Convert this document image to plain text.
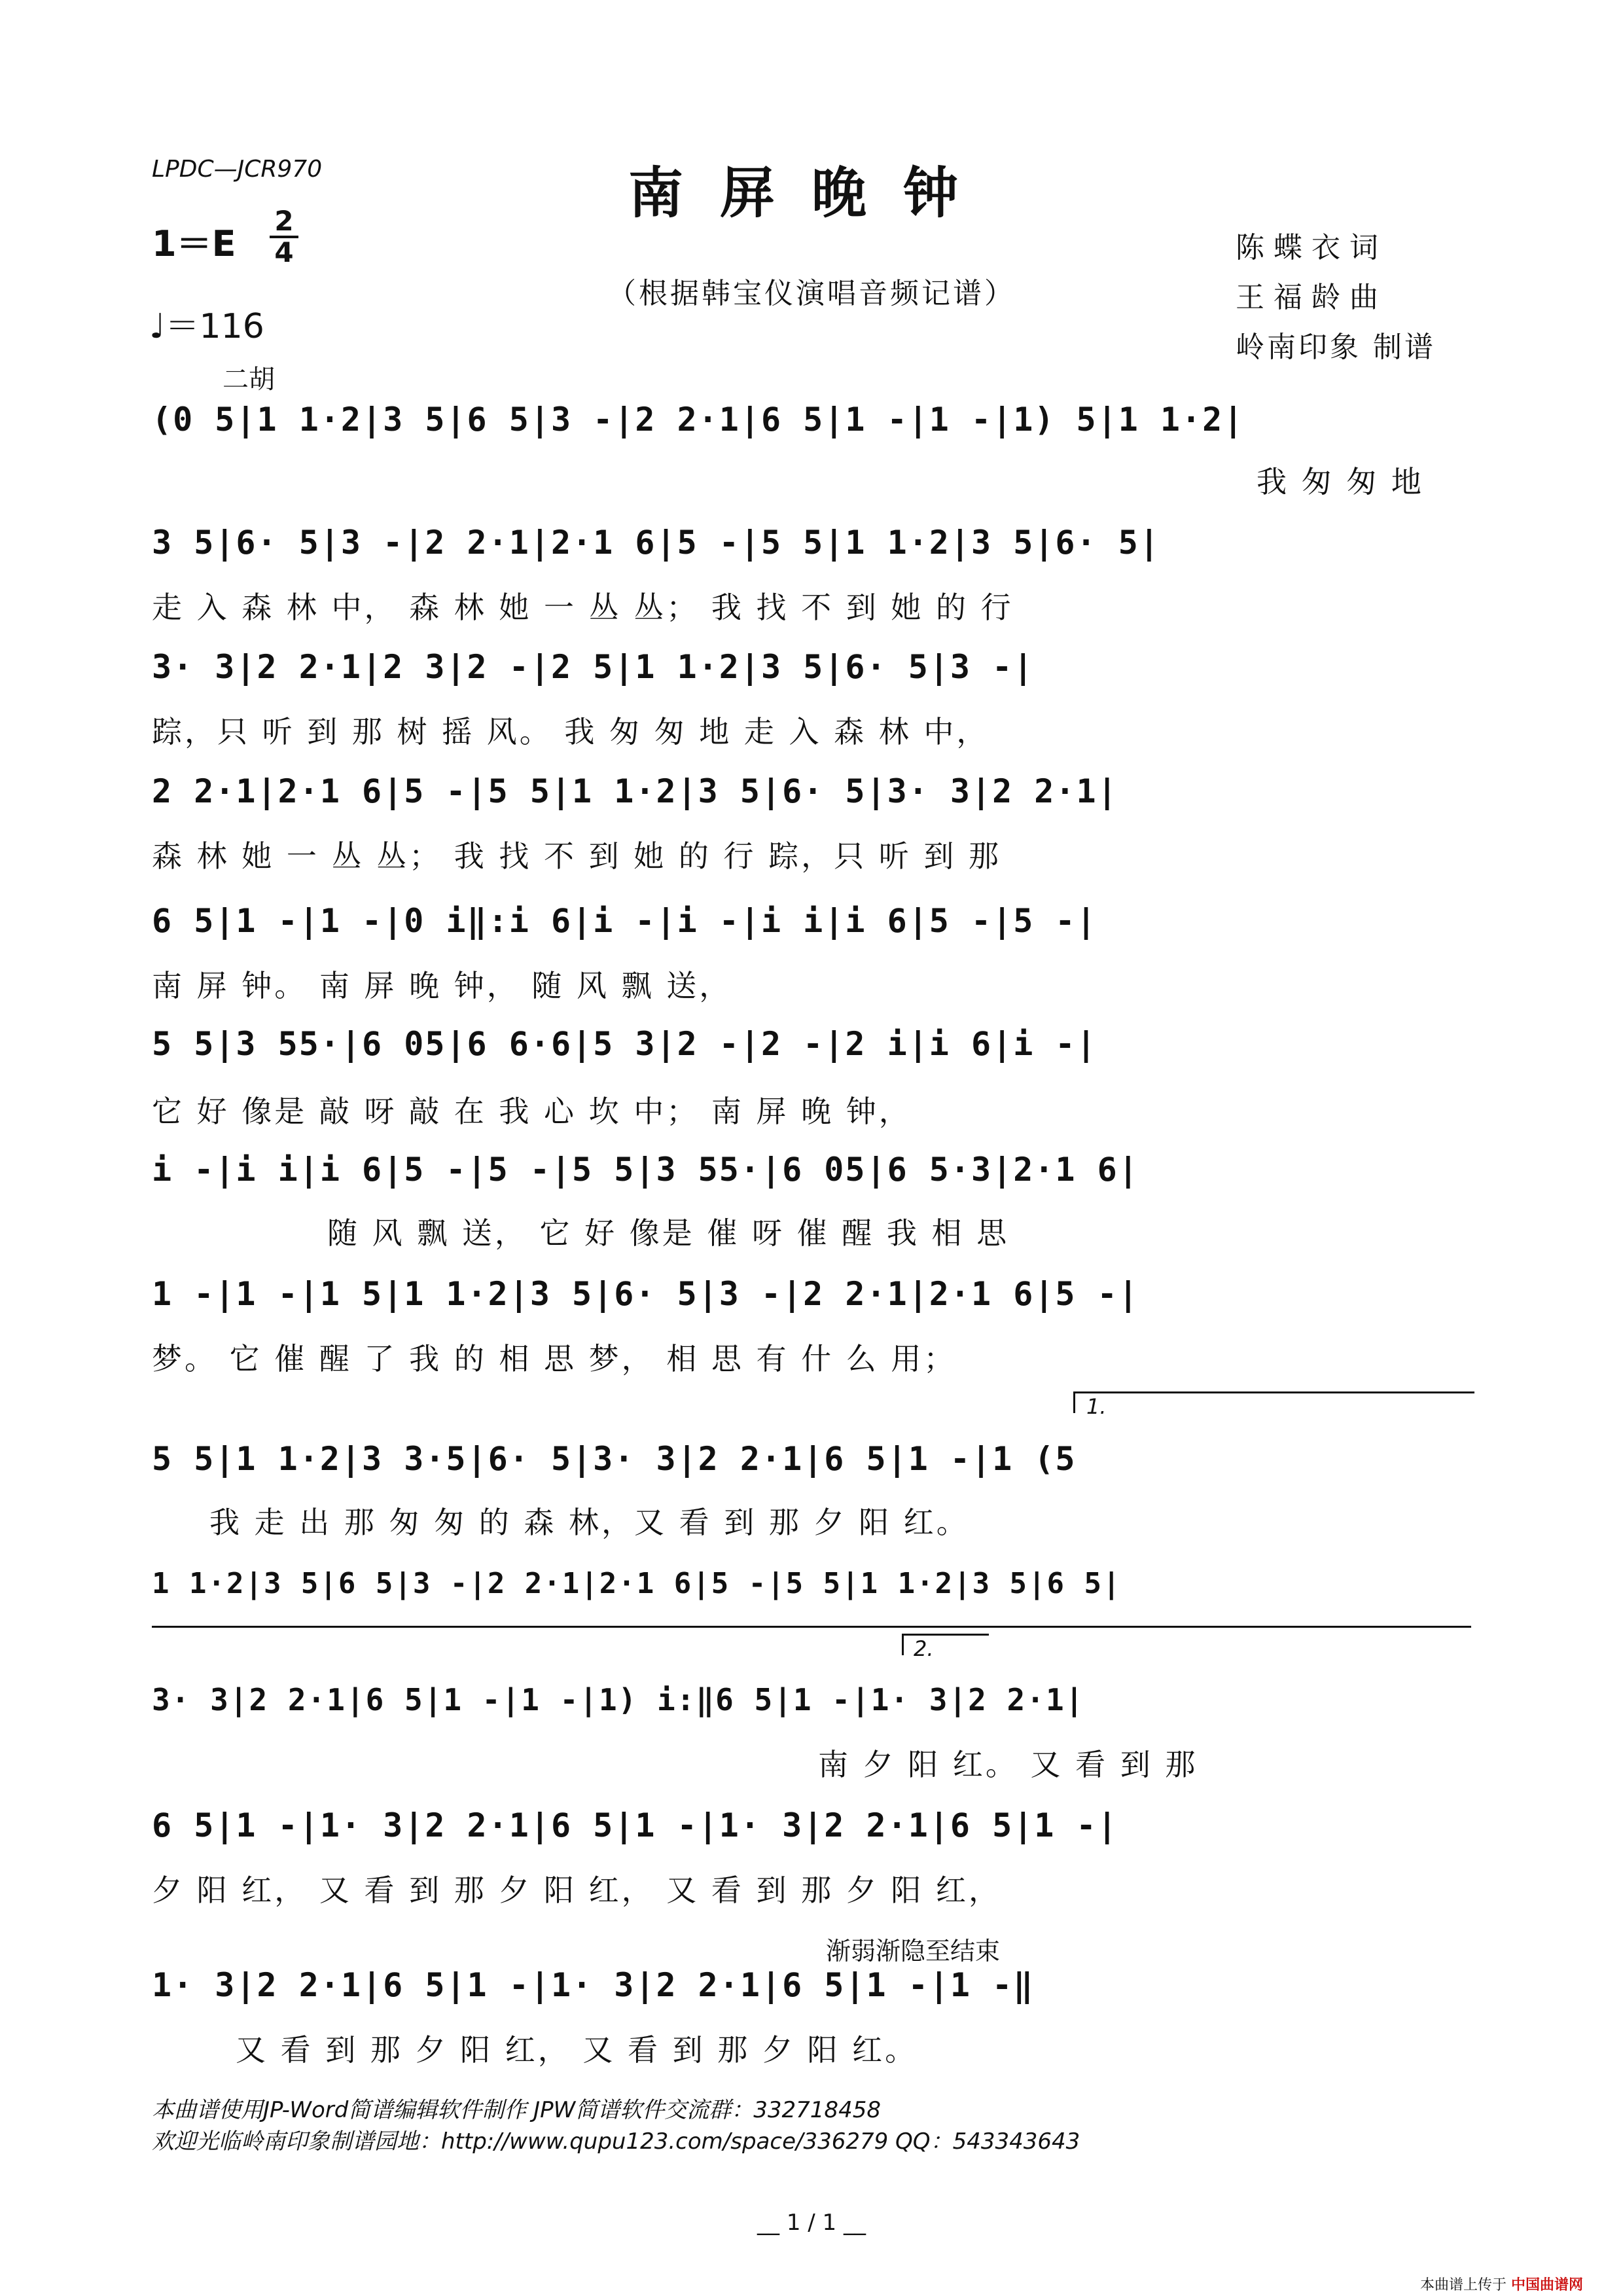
LPDC—JCR970	南屏晚钟
1＝E
2
4
♩＝116
（根据韩宝仪演唱音频记谱）
陈蝶衣词
王福龄曲
岭南印象 制谱
二胡
(0 5|1 1·2|3 5|6 5|3 -|2 2·1|6 5|1 -|1 -|1) 5|1 1·2|
我 匆 匆 地
3 5|6· 5|3 -|2 2·1|2·1 6|5 -|5 5|1 1·2|3 5|6· 5|
走 入 森 林 中， 森 林 她 一 丛 丛； 我 找 不 到 她 的 行
3· 3|2 2·1|2 3|2 -|2 5|1 1·2|3 5|6· 5|3 -|
踪，只 听 到 那 树 摇 风。 我 匆 匆 地 走 入 森 林 中，
2 2·1|2·1 6|5 -|5 5|1 1·2|3 5|6· 5|3· 3|2 2·1|
森 林 她 一 丛 丛； 我 找 不 到 她 的 行 踪，只 听 到 那
6 5|1 -|1 -|0 i‖:i 6|i -|i -|i i|i 6|5 -|5 -|
南 屏 钟。 南 屏 晚 钟， 随 风 飘 送，
5 5|3 55·|6 05|6 6·6|5 3|2 -|2 -|2 i|i 6|i -|
它 好 像是 敲 呀 敲 在 我 心 坎 中； 南 屏 晚 钟，
i -|i i|i 6|5 -|5 -|5 5|3 55·|6 05|6 5·3|2·1 6|
随 风 飘 送， 它 好 像是 催 呀 催 醒 我 相 思
1 -|1 -|1 5|1 1·2|3 5|6· 5|3 -|2 2·1|2·1 6|5 -|
梦。 它 催 醒 了 我 的 相 思 梦， 相 思 有 什 么 用；
1.
5 5|1 1·2|3 3·5|6· 5|3· 3|2 2·1|6 5|1 -|1 (5
我 走 出 那 匆 匆 的 森 林，又 看 到 那 夕 阳 红。
1 1·2|3 5|6 5|3 -|2 2·1|2·1 6|5 -|5 5|1 1·2|3 5|6 5|
2.
3· 3|2 2·1|6 5|1 -|1 -|1) i:‖6 5|1 -|1· 3|2 2·1|
南 夕 阳 红。 又 看 到 那
6 5|1 -|1· 3|2 2·1|6 5|1 -|1· 3|2 2·1|6 5|1 -|
夕 阳 红， 又 看 到 那 夕 阳 红， 又 看 到 那 夕 阳 红，
渐弱渐隐至结束
1· 3|2 2·1|6 5|1 -|1· 3|2 2·1|6 5|1 -|1 -‖
又 看 到 那 夕 阳 红， 又 看 到 那 夕 阳 红。
本曲谱使用JP-Word简谱编辑软件制作 JPW简谱软件交流群：332718458
欢迎光临岭南印象制谱园地：http://www.qupu123.com/space/336279 QQ：543343643
__ 1 / 1 __
本曲谱上传于 中国曲谱网
